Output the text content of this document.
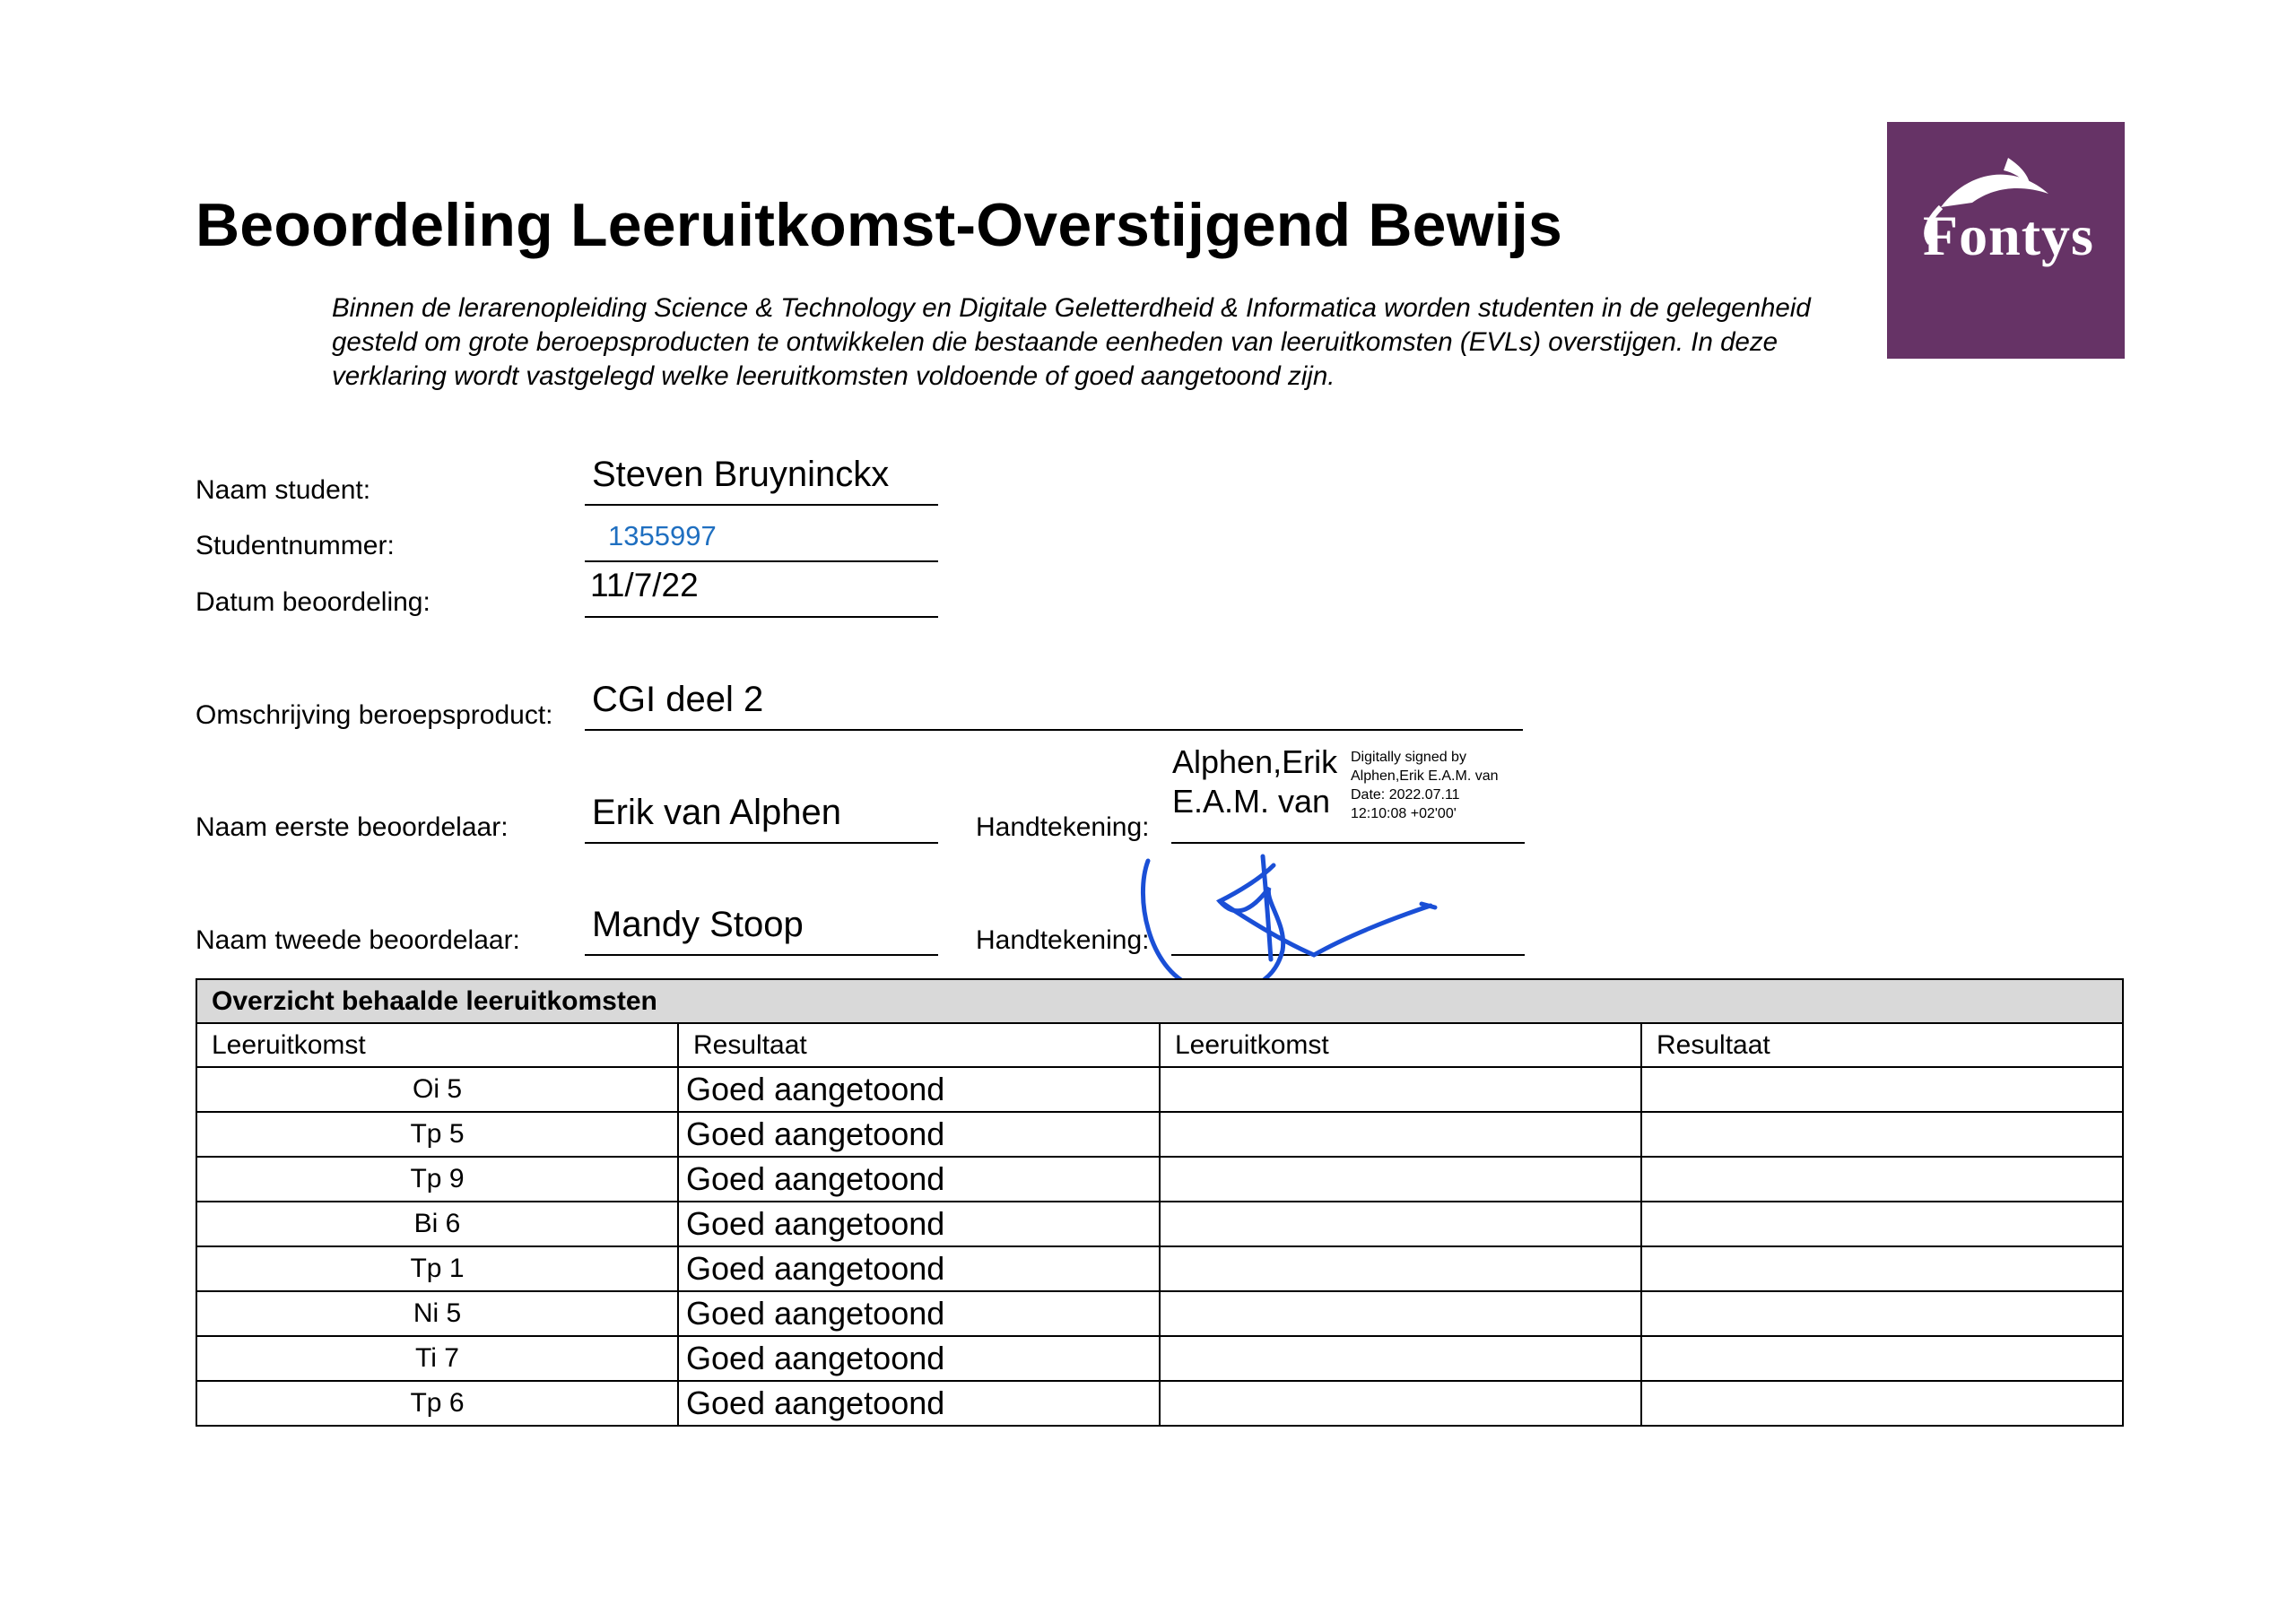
Beoordeling Leeruitkomst-Overstijgend Bewijs
Binnen de lerarenopleiding Science & Technology en Digitale Geletterdheid & Informatica worden studenten in de gelegenheid gesteld om grote beroepsproducten te ontwikkelen die bestaande eenheden van leeruitkomsten (EVLs) overstijgen. In deze verklaring wordt vastgelegd welke leeruitkomsten voldoende of goed aangetoond zijn.
Fontys
Naam student:	Steven Bruyninckx
Studentnummer:	1355997
Datum beoordeling:	11/7/22
Omschrijving beroepsproduct: CGI deel 2
Naam eerste beoordelaar: Erik van Alphen	Handtekening:
Alphen,Erik
E.A.M. van
Digitally signed by
Alphen,Erik E.A.M. van
Date: 2022.07.11
12:10:08 +02'00'
Naam tweede beoordelaar: Mandy Stoop	Handtekening:
Overzicht behaalde leeruitkomsten			
Leeruitkomst	Resultaat	Leeruitkomst	Resultaat
Oi 5	Goed aangetoond		
Tp 5	Goed aangetoond		
Tp 9	Goed aangetoond		
Bi 6	Goed aangetoond		
Tp 1	Goed aangetoond		
Ni 5	Goed aangetoond		
Ti 7	Goed aangetoond		
Tp 6	Goed aangetoond		
